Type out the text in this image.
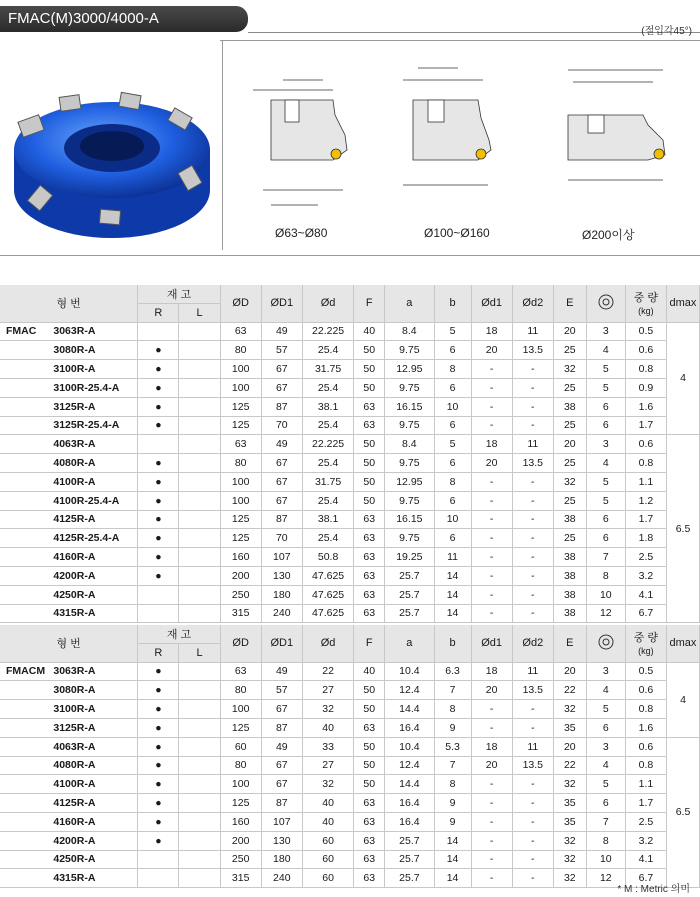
FMAC(M)3000/4000-A
(절입각45°)
Ø63~Ø80	Ø100~Ø160	Ø200이상
형 번		재 고		ØD	ØD1	Ød	F	a	b	Ød1	Ød2	E		중 량
(kg)	dmax
		R	L												
FMAC	3063R-A			63	49	22.225	40	8.4	5	18	11	20	3	0.5	4
	3080R-A	●		80	57	25.4	50	9.75	6	20	13.5	25	4	0.6	
	3100R-A	●		100	67	31.75	50	12.95	8	-	-	32	5	0.8	
	3100R-25.4-A	●		100	67	25.4	50	9.75	6	-	-	25	5	0.9	
	3125R-A	●		125	87	38.1	63	16.15	10	-	-	38	6	1.6	
	3125R-25.4-A	●		125	70	25.4	63	9.75	6	-	-	25	6	1.7	
	4063R-A			63	49	22.225	50	8.4	5	18	11	20	3	0.6	6.5
	4080R-A	●		80	67	25.4	50	9.75	6	20	13.5	25	4	0.8	
	4100R-A	●		100	67	31.75	50	12.95	8	-	-	32	5	1.1	
	4100R-25.4-A	●		100	67	25.4	50	9.75	6	-	-	25	5	1.2	
	4125R-A	●		125	87	38.1	63	16.15	10	-	-	38	6	1.7	
	4125R-25.4-A	●		125	70	25.4	63	9.75	6	-	-	25	6	1.8	
	4160R-A	●		160	107	50.8	63	19.25	11	-	-	38	7	2.5	
	4200R-A	●		200	130	47.625	63	25.7	14	-	-	38	8	3.2	
	4250R-A			250	180	47.625	63	25.7	14	-	-	38	10	4.1	
	4315R-A			315	240	47.625	63	25.7	14	-	-	38	12	6.7	
형 번		재 고		ØD	ØD1	Ød	F	a	b	Ød1	Ød2	E		중 량
(kg)	dmax
		R	L												
FMACM	3063R-A	●		63	49	22	40	10.4	6.3	18	11	20	3	0.5	4
	3080R-A	●		80	57	27	50	12.4	7	20	13.5	22	4	0.6	
	3100R-A	●		100	67	32	50	14.4	8	-	-	32	5	0.8	
	3125R-A	●		125	87	40	63	16.4	9	-	-	35	6	1.6	
	4063R-A	●		60	49	33	50	10.4	5.3	18	11	20	3	0.6	6.5
	4080R-A	●		80	67	27	50	12.4	7	20	13.5	22	4	0.8	
	4100R-A	●		100	67	32	50	14.4	8	-	-	32	5	1.1	
	4125R-A	●		125	87	40	63	16.4	9	-	-	35	6	1.7	
	4160R-A	●		160	107	40	63	16.4	9	-	-	35	7	2.5	
	4200R-A	●		200	130	60	63	25.7	14	-	-	32	8	3.2	
	4250R-A			250	180	60	63	25.7	14	-	-	32	10	4.1	
	4315R-A			315	240	60	63	25.7	14	-	-	32	12	6.7	
* M : Metric 의미
